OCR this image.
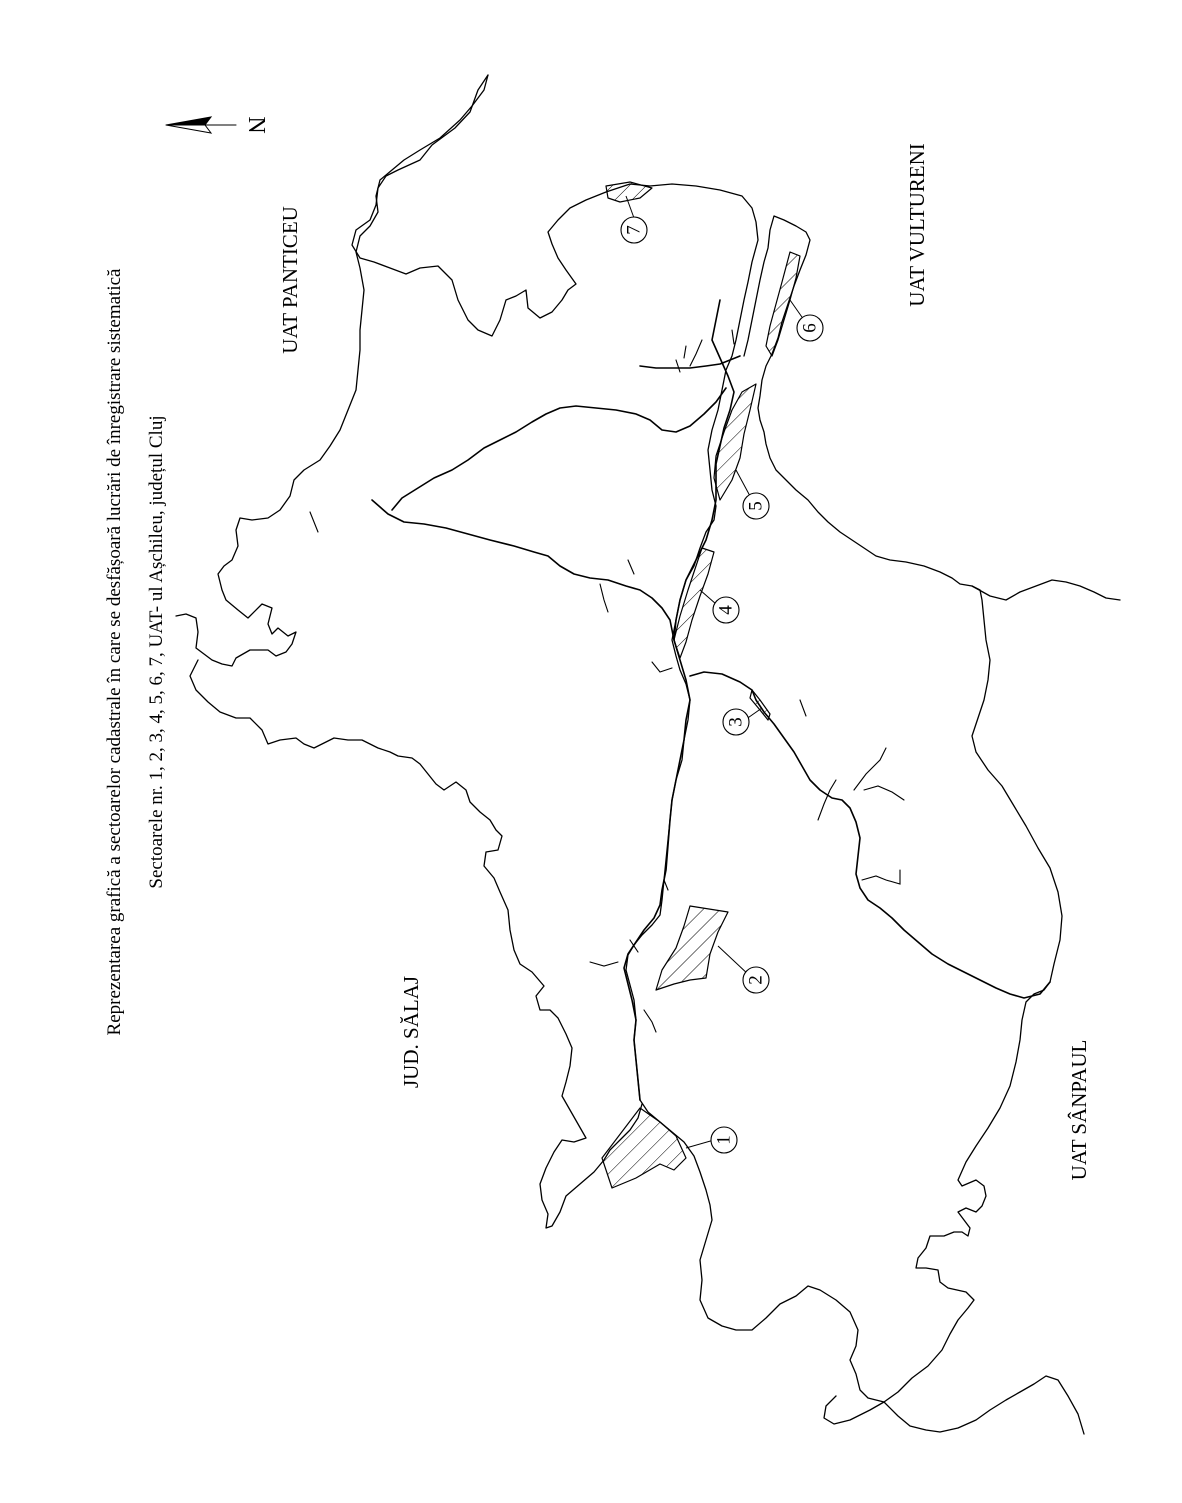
Reprezentarea grafică a sectoarelor cadastrale în care se desfășoară lucrări de înregistrare sistematică Sectoarele nr. 1, 2, 3, 4, 5, 6, 7, UAT- ul Așchileu, județul Cluj
N
UAT PANTICEU	UAT VULTURENI
UAT SÂNPAUL
JUD. SĂLAJ
1
2
3
4
5
6
7
